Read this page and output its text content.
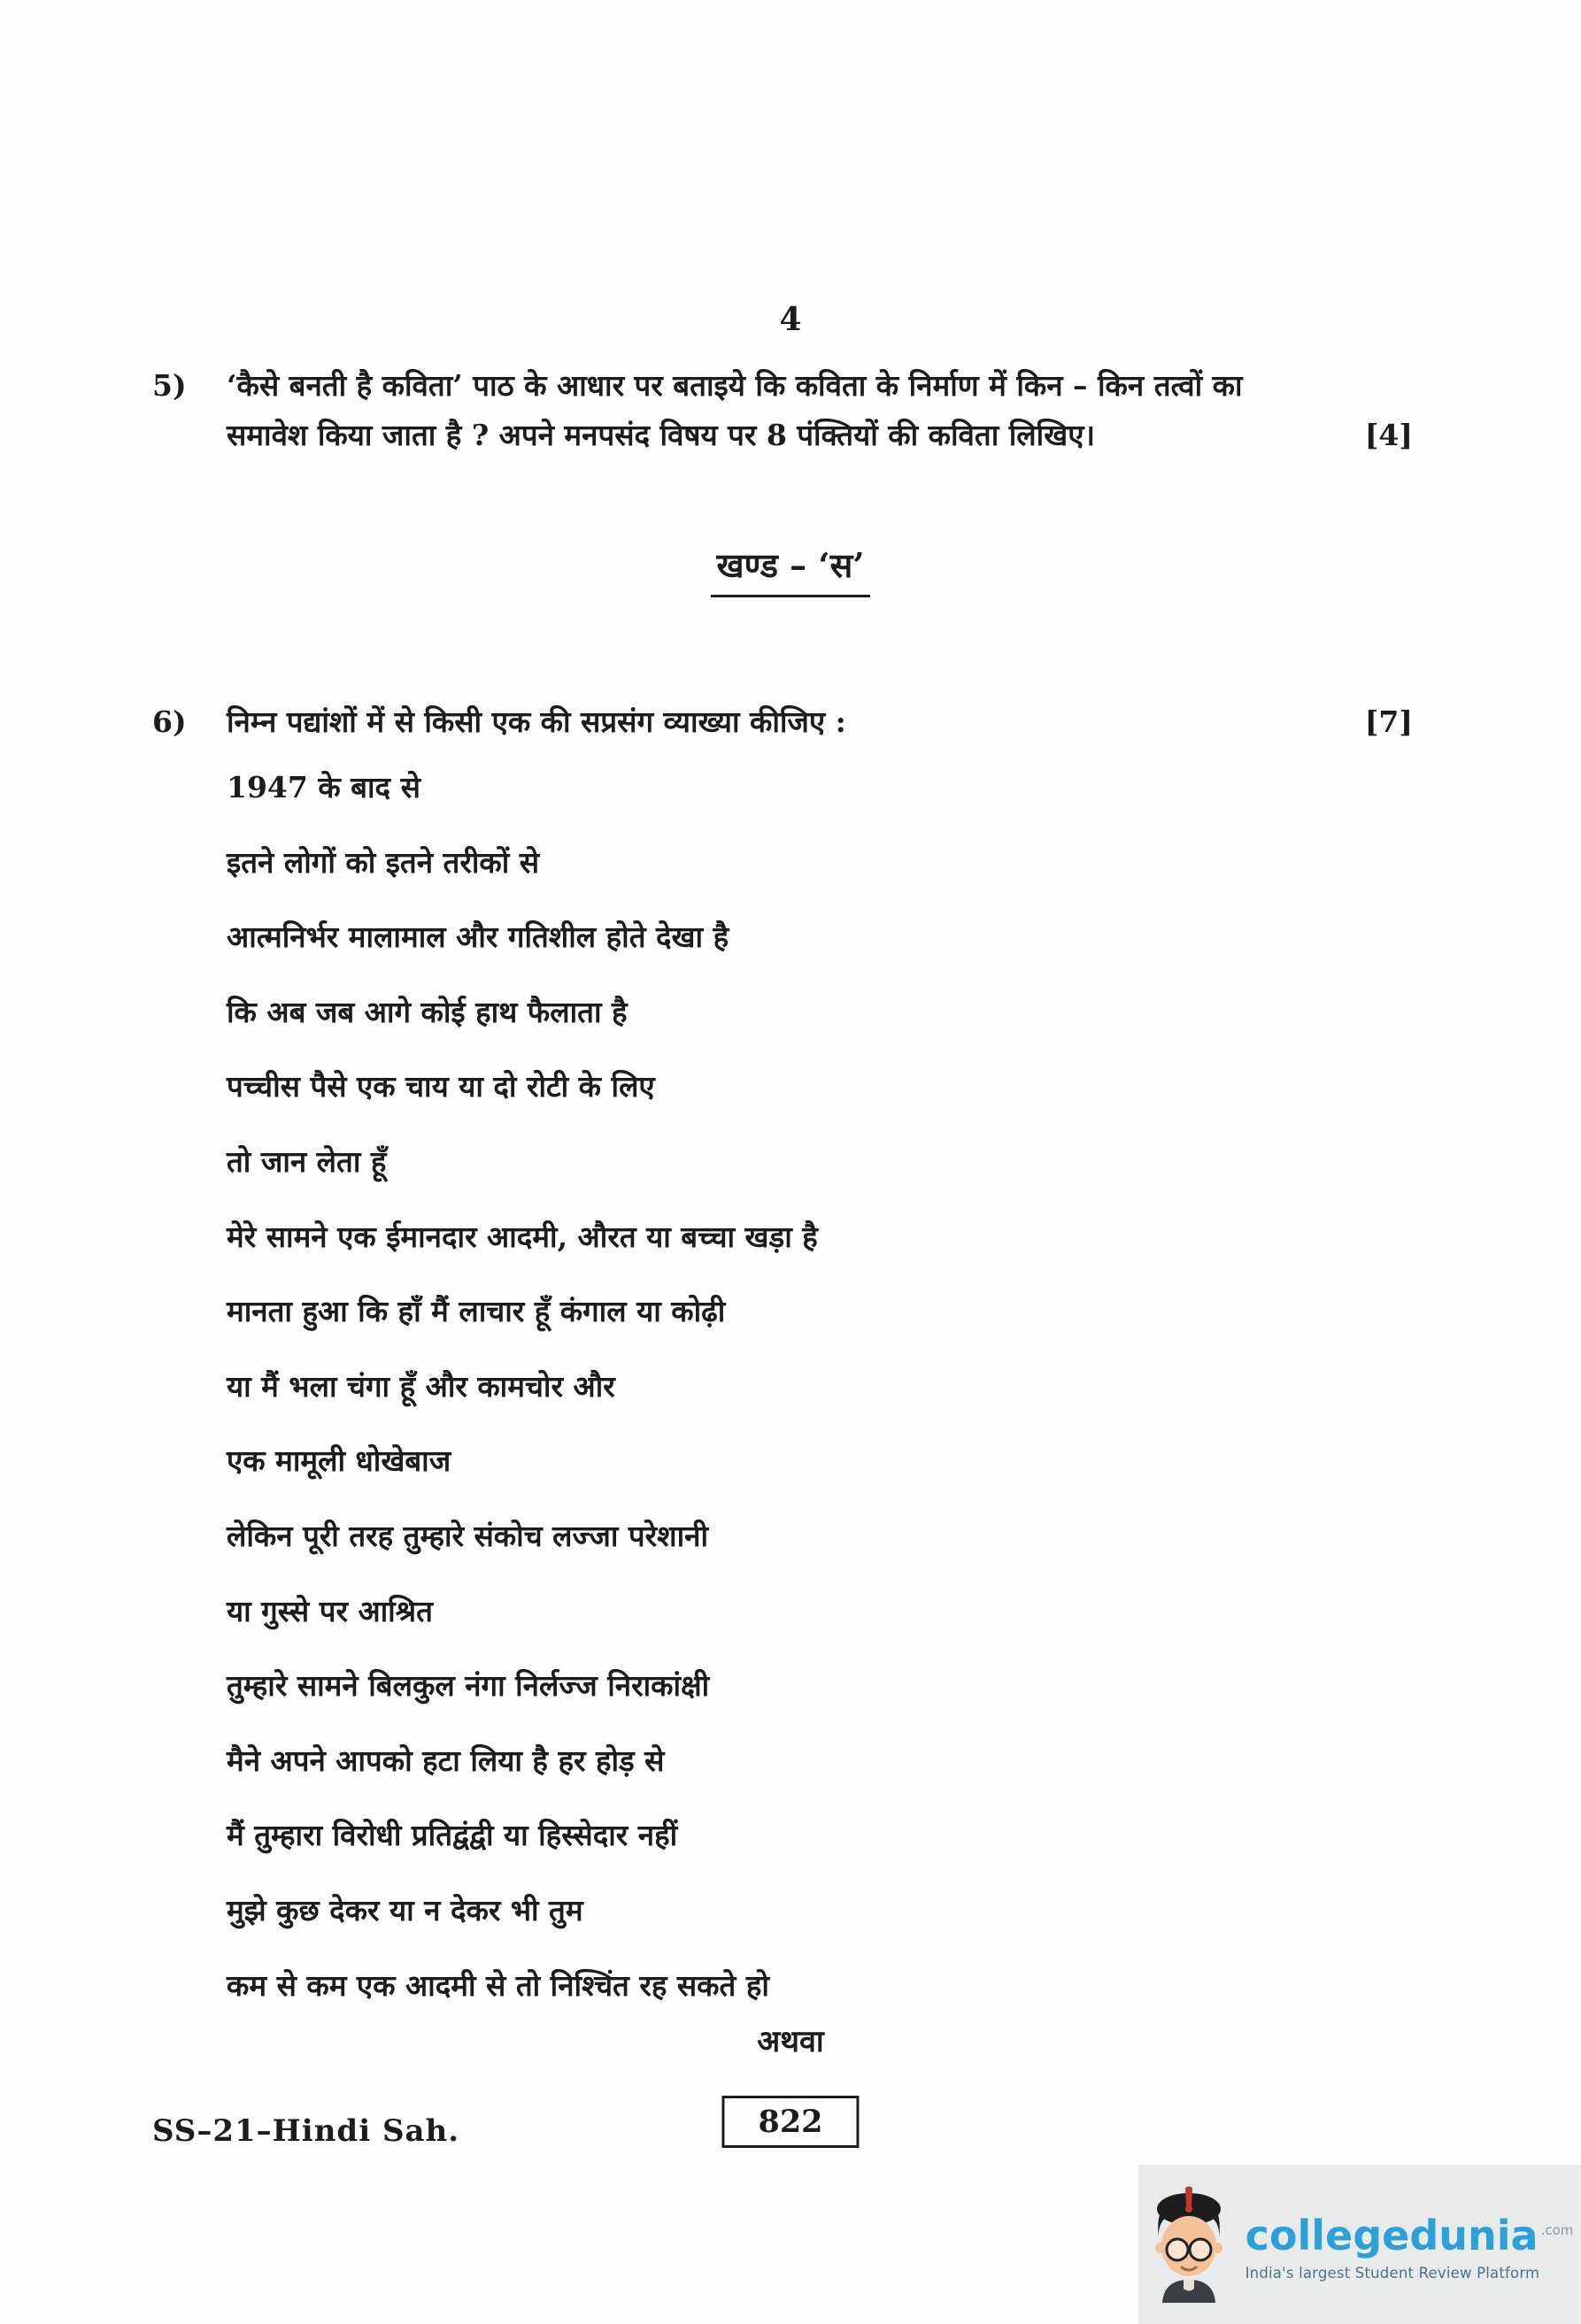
4
5) ‘कैसे बनती है कविता’ पाठ के आधार पर बताइये कि कविता के निर्माण में किन – किन तत्वों का समावेश किया जाता है ? अपने मनपसंद विषय पर 8 पंक्तियों की कविता लिखिए।	[4]
खण्ड – ‘स’
6) निम्न पद्यांशों में से किसी एक की सप्रसंग व्याख्या कीजिए :	[7]
1947 के बाद से
इतने लोगों को इतने तरीकों से
आत्मनिर्भर मालामाल और गतिशील होते देखा है
कि अब जब आगे कोई हाथ फैलाता है
पच्चीस पैसे एक चाय या दो रोटी के लिए
तो जान लेता हूँ
मेरे सामने एक ईमानदार आदमी, औरत या बच्चा खड़ा है
मानता हुआ कि हाँ मैं लाचार हूँ कंगाल या कोढ़ी
या मैं भला चंगा हूँ और कामचोर और
एक मामूली धोखेबाज
लेकिन पूरी तरह तुम्हारे संकोच लज्जा परेशानी
या गुस्से पर आश्रित
तुम्हारे सामने बिलकुल नंगा निर्लज्ज निराकांक्षी
मैने अपने आपको हटा लिया है हर होड़ से
मैं तुम्हारा विरोधी प्रतिद्वंद्वी या हिस्सेदार नहीं
मुझे कुछ देकर या न देकर भी तुम
कम से कम एक आदमी से तो निश्चिंत रह सकते हो
अथवा
SS–21–Hindi Sah.	822
collegedunia .com
India's largest Student Review Platform
